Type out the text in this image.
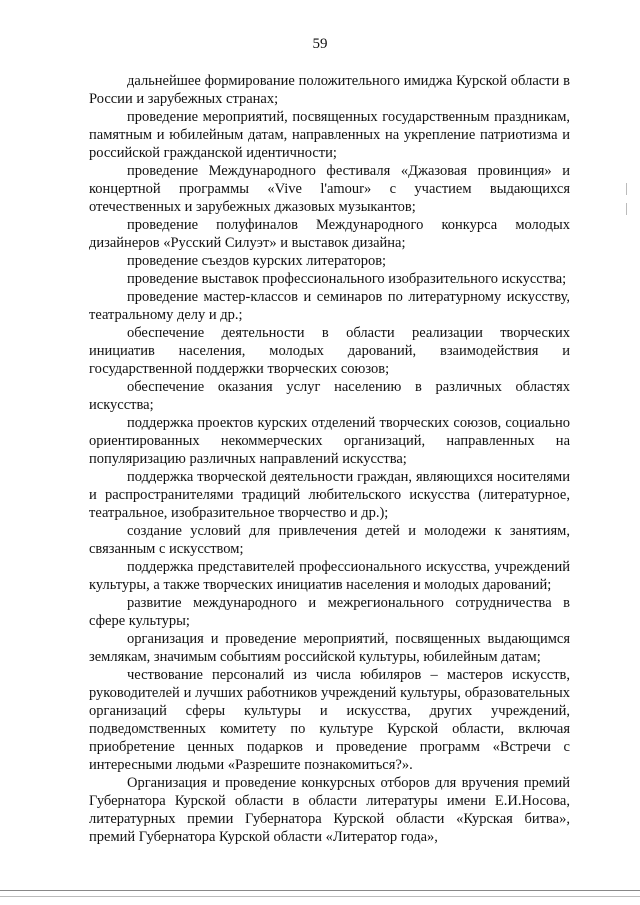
59

дальнейшее формирование положительного имиджа Курской области в России и зарубежных странах;

проведение мероприятий, посвященных государственным праздникам, памятным и юбилейным датам, направленных на укрепление патриотизма и российской гражданской идентичности;

проведение Международного фестиваля «Джазовая провинция» и концертной программы «Vive l'amour» с участием выдающихся отечественных и зарубежных джазовых музыкантов;

проведение полуфиналов Международного конкурса молодых дизайнеров «Русский Силуэт» и выставок дизайна;

проведение съездов курских литераторов;

проведение выставок профессионального изобразительного искусства;

проведение мастер-классов и семинаров по литературному искусству, театральному делу и др.;

обеспечение деятельности в области реализации творческих инициатив населения, молодых дарований, взаимодействия и государственной поддержки творческих союзов;

обеспечение оказания услуг населению в различных областях искусства;

поддержка проектов курских отделений творческих союзов, социально ориентированных некоммерческих организаций, направленных на популяризацию различных направлений искусства;

поддержка творческой деятельности граждан, являющихся носителями и распространителями традиций любительского искусства (литературное, театральное, изобразительное творчество и др.);

создание условий для привлечения детей и молодежи к занятиям, связанным с искусством;

поддержка представителей профессионального искусства, учреждений культуры, а также творческих инициатив населения и молодых дарований;

развитие международного и межрегионального сотрудничества в сфере культуры;

организация и проведение мероприятий, посвященных выдающимся землякам, значимым событиям российской культуры, юбилейным датам;

чествование персоналий из числа юбиляров – мастеров искусств, руководителей и лучших работников учреждений культуры, образовательных организаций сферы культуры и искусства, других учреждений, подведомственных комитету по культуре Курской области, включая приобретение ценных подарков и проведение программ «Встречи с интересными людьми «Разрешите познакомиться?».

Организация и проведение конкурсных отборов для вручения премий Губернатора Курской области в области литературы имени Е.И.Носова, литературных премии Губернатора Курской области «Курская битва», премий Губернатора Курской области «Литератор года»,
